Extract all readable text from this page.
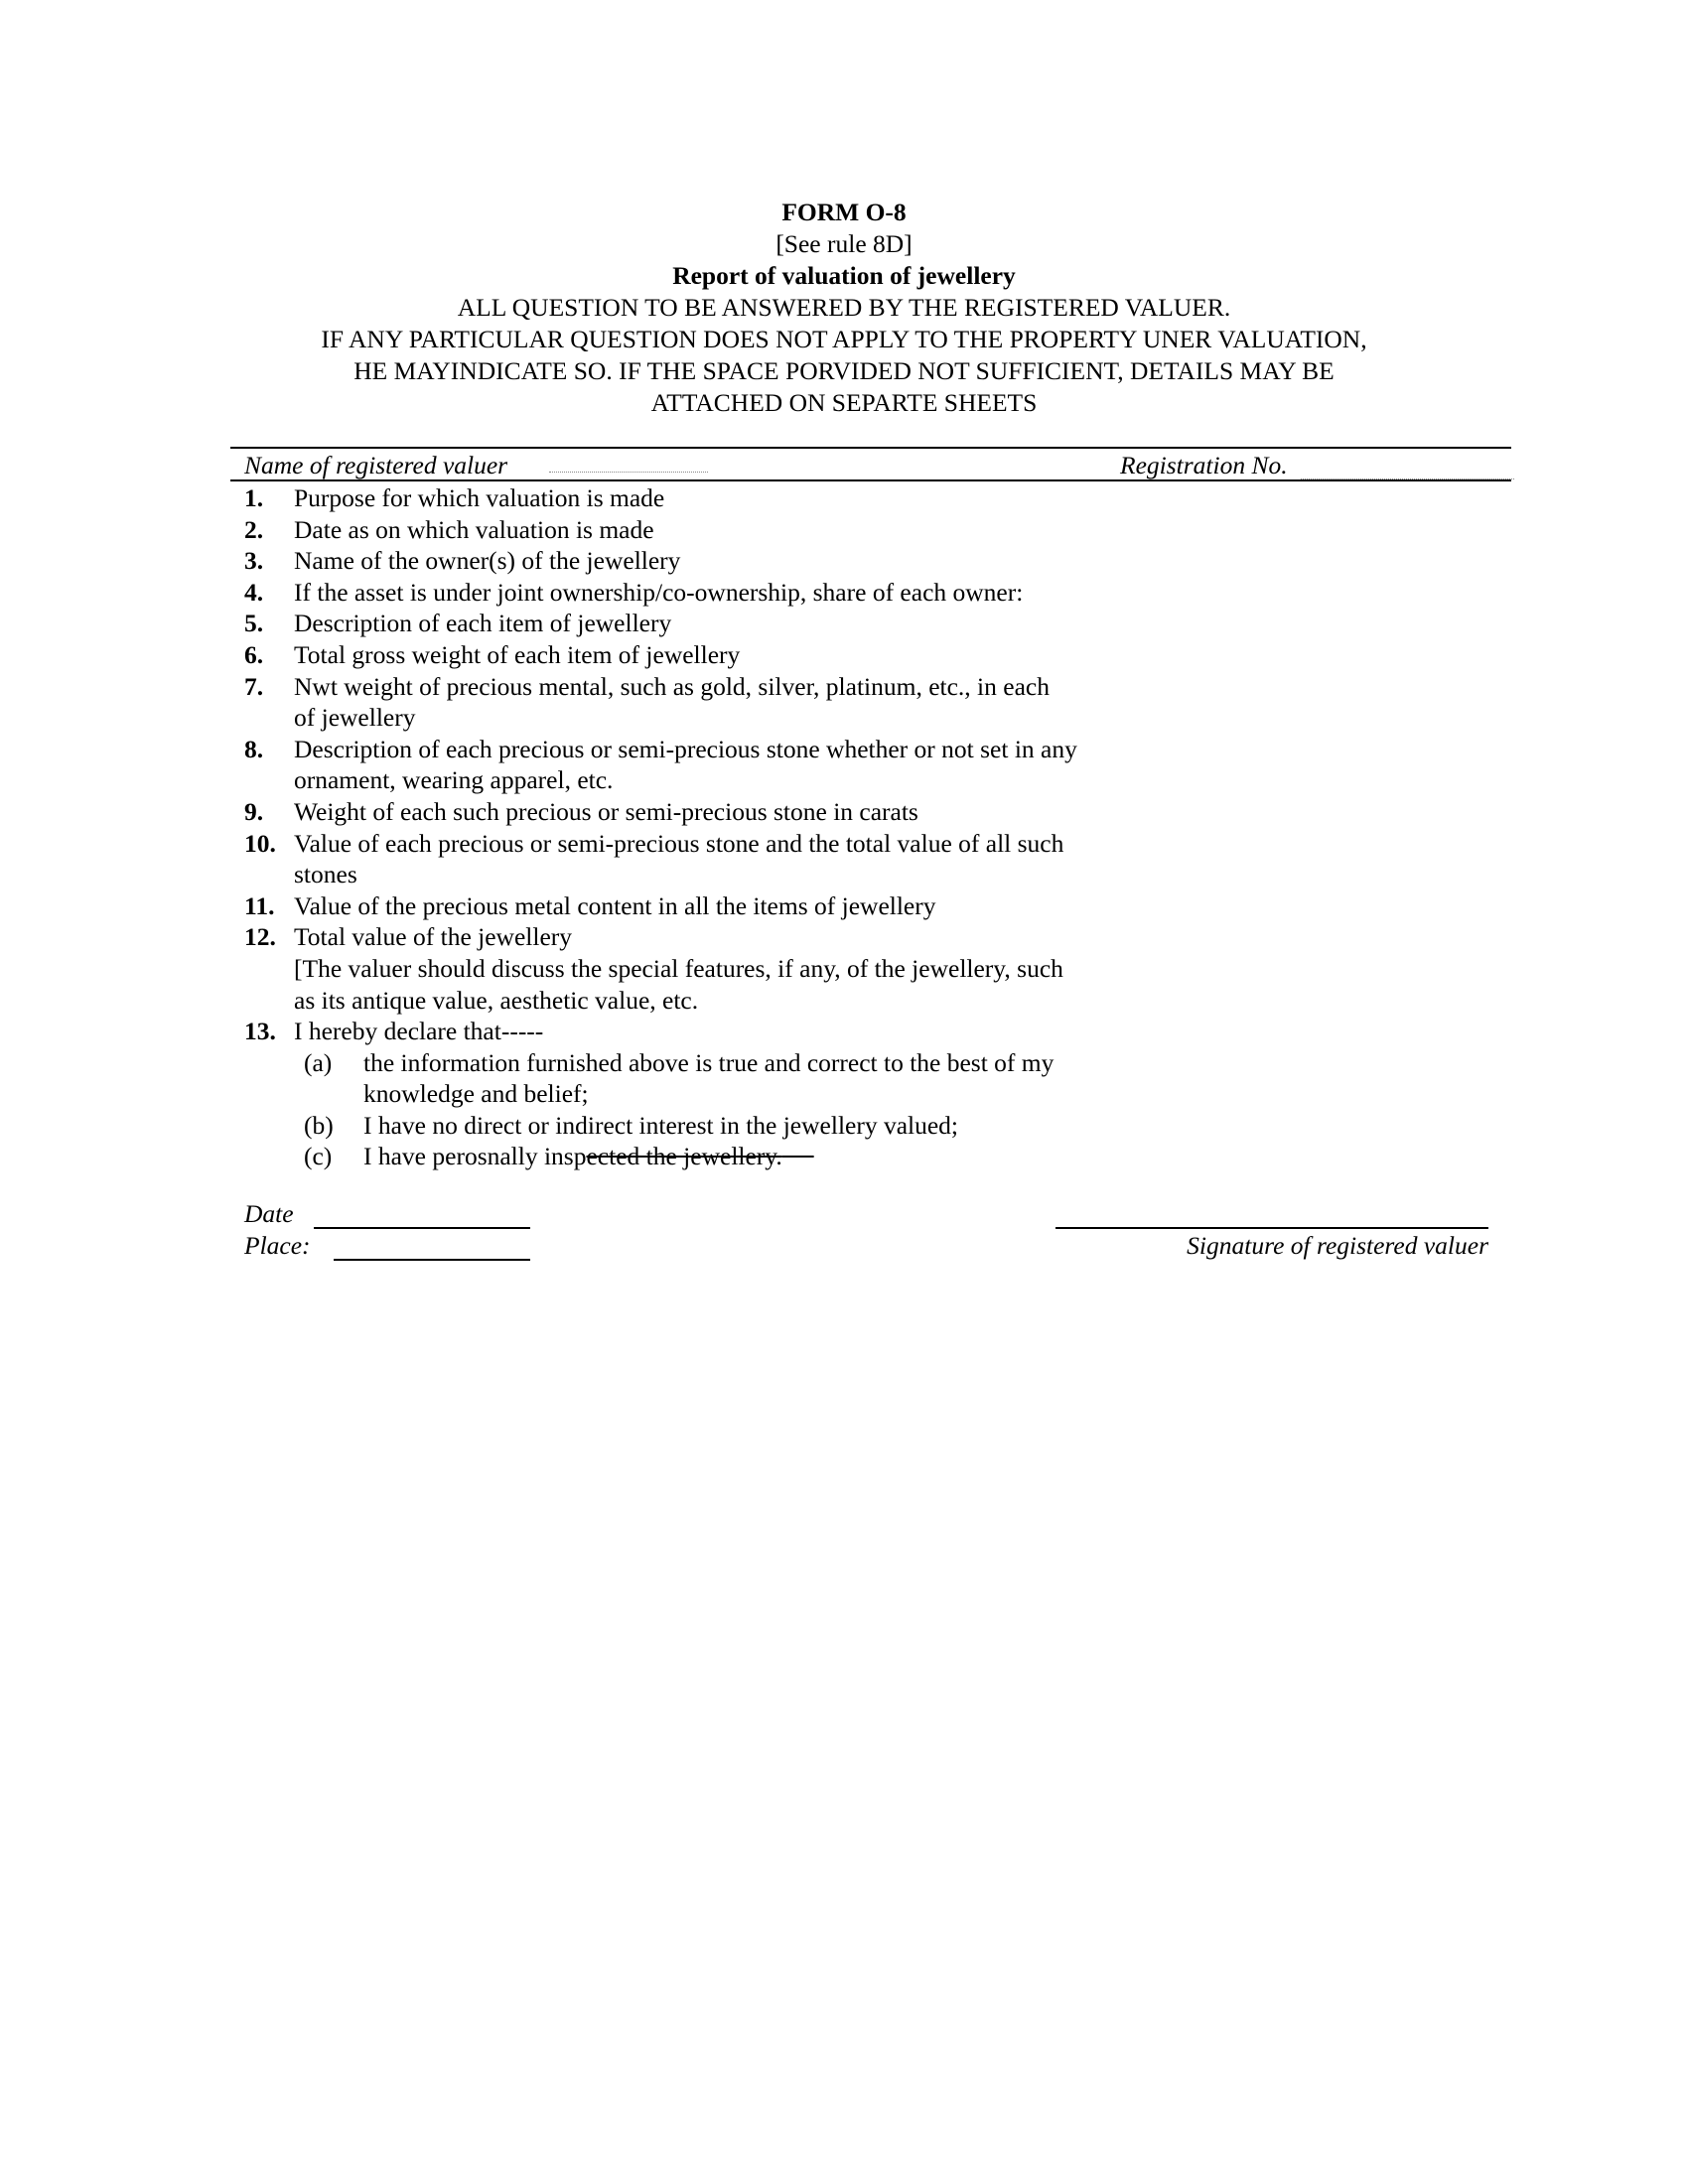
FORM O-8
[See rule 8D]
Report of valuation of jewellery
ALL QUESTION TO BE ANSWERED BY THE REGISTERED VALUER.
IF ANY PARTICULAR QUESTION DOES NOT APPLY TO THE PROPERTY UNER VALUATION,
HE MAYINDICATE SO. IF THE SPACE PORVIDED NOT SUFFICIENT, DETAILS MAY BE
ATTACHED ON SEPARTE SHEETS
Name of registered valuer	Registration No.
1.	Purpose for which valuation is made
2.	Date as on which valuation is made
3.	Name of the owner(s) of the jewellery
4.	If the asset is under joint ownership/co-ownership, share of each owner:
5.	Description of each item of jewellery
6.	Total gross weight of each item of jewellery
7.	Nwt weight of precious mental, such as gold, silver, platinum, etc., in each of jewellery
8.	Description of each precious or semi-precious stone whether or not set in any ornament, wearing apparel, etc.
9.	Weight of each such precious or semi-precious stone in carats
10. Value of each precious or semi-precious stone and the total value of all such stones
11. Value of the precious metal content in all the items of jewellery
12. Total value of the jewellery
[The valuer should discuss the special features, if any, of the jewellery, such as its antique value, aesthetic value, etc.
13. I hereby declare that-----
(a)	the information furnished above is true and correct to the best of my knowledge and belief;
(b)	I have no direct or indirect interest in the jewellery valued;
(c)	I have perosnally inspected the jewellery.
Date
Place:	Signature of registered valuer
